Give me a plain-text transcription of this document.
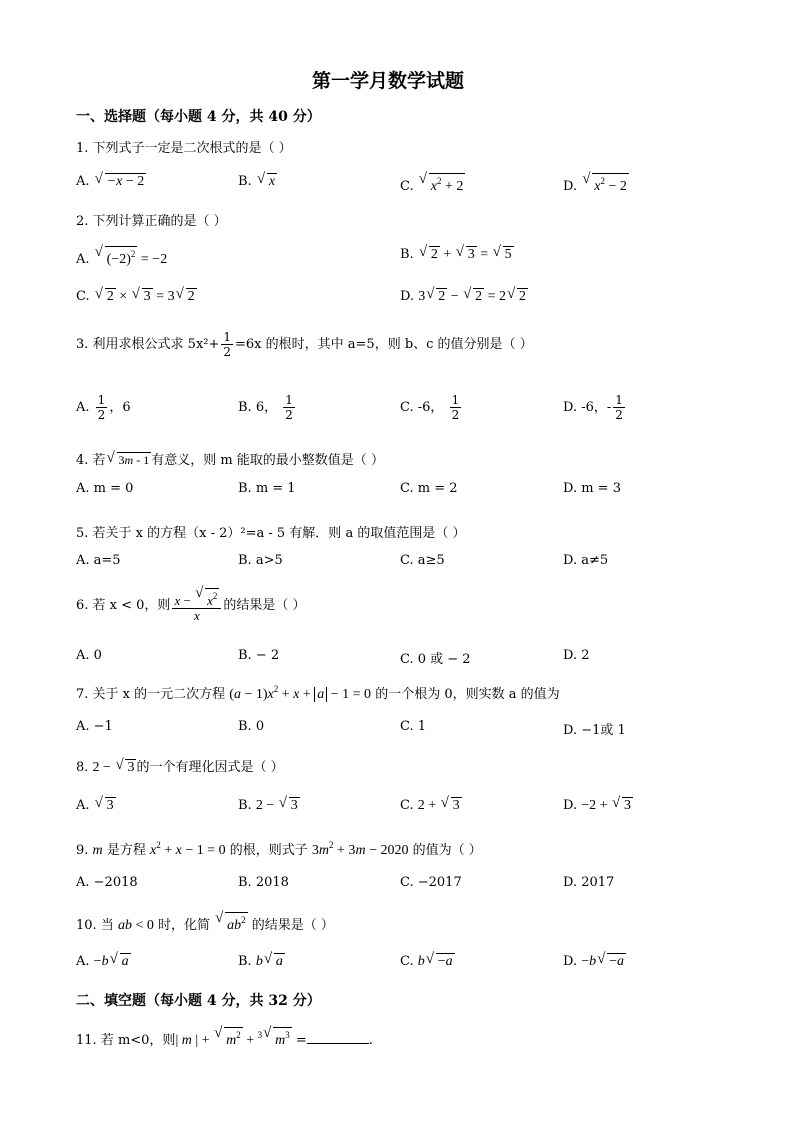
第一学月数学试题
一、选择题（每小题 4 分，共 40 分）
1. 下列式子一定是二次根式的是（ ）
A. √ −x − 2	B. √ x	C. √ $x^2 + 2$	D. √ $x^2 - 2$
2. 下列计算正确的是（ ）
A. √ $(-2)^2 = -2$	B. √ 2 + √ 3 = √ 5
C. √ 2 × √ 3 = 3√ 2	D. 3√ 2 − √ 2 = 2√ 2
3. 利用求根公式求 $5x^2+ \frac{1}{2} =6x$ 的根时，其中 a=5，则 b、c 的值分别是（ ）
A. $\frac{1}{2}$ ，6	B. 6， $\frac{1}{2}$	C. -6， $\frac{1}{2}$	D. -6，- $\frac{1}{2}$
4. 若√ 3m - 1 有意义，则 m 能取的最小整数值是（ ）
A. m = 0	B. m = 1	C. m = 2	D. m = 3
5. 若关于 x 的方程（x - 2）²=a - 5 有解．则 a 的取值范围是（ ）
A. a=5	B. a>5	C. a≥5	D. a≠5
6. 若 x < 0，则 $\frac{x - √ x^2}{x}$ 的结果是（ ）
A. 0	B. − 2	C. 0 或 − 2	D. 2
7. 关于 x 的一元二次方程 $(a - 1)x^2 + x + a - 1 = 0$ 的一个根为 0，则实数 a 的值为
A. −1	B. 0	C. 1	D. −1或 1
8. 2 − √ 3 的一个有理化因式是（ ）
A. √ 3	B. 2 − √ 3	C. 2 + √ 3	D. −2 + √ 3
9. m 是方程 $x^2 + x - 1 = 0$ 的根，则式子 $3m^2 + 3m - 2020$ 的值为（ ）
A. −2018	B. 2018	C. −2017	D. 2017
10. 当 ab < 0 时，化简 √ $ab^2$ 的结果是（ ）
A. −b√ a	B. b√ a	C. b√ −a	D. −b√ −a
二、填空题（每小题 4 分，共 32 分）
11. 若 m<0，则| m | + √ $m^2 + ^3√$ $m^3$ =	.
